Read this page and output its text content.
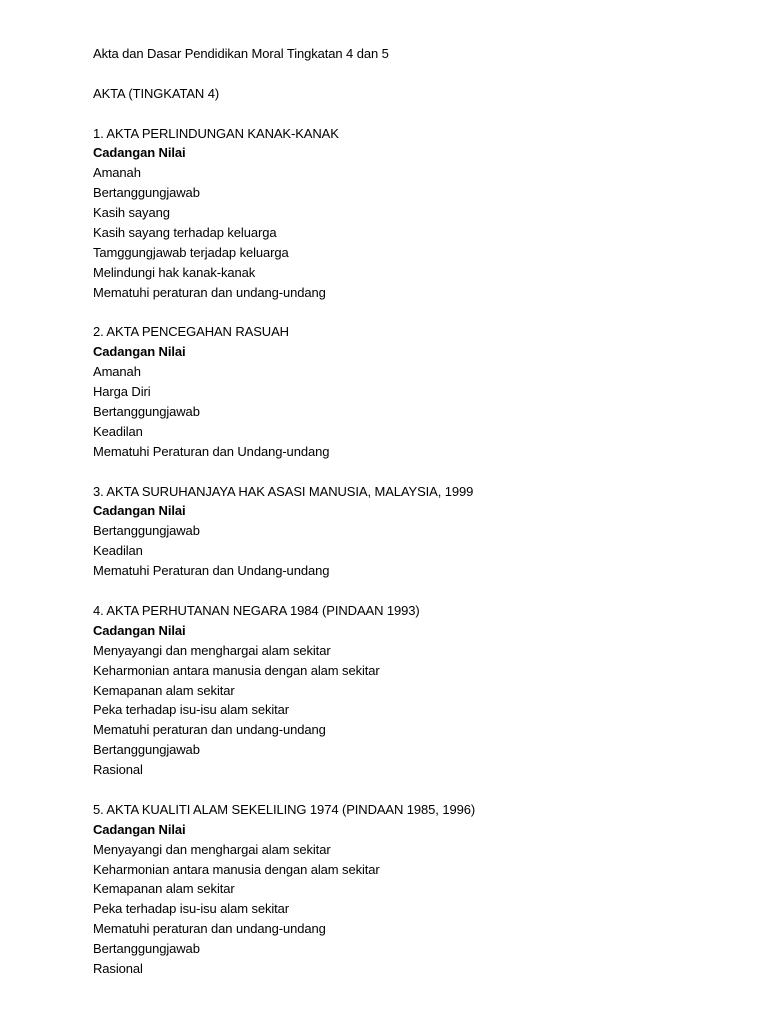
Akta dan Dasar Pendidikan Moral Tingkatan 4 dan 5
AKTA (TINGKATAN 4)
1. AKTA PERLINDUNGAN KANAK-KANAK
Cadangan Nilai
Amanah
Bertanggungjawab
Kasih sayang
Kasih sayang terhadap keluarga
Tamggungjawab terjadap keluarga
Melindungi hak kanak-kanak
Mematuhi peraturan dan undang-undang
2. AKTA PENCEGAHAN RASUAH
Cadangan Nilai
Amanah
Harga Diri
Bertanggungjawab
Keadilan
Mematuhi Peraturan dan Undang-undang
3. AKTA SURUHANJAYA HAK ASASI MANUSIA, MALAYSIA, 1999
Cadangan Nilai
Bertanggungjawab
Keadilan
Mematuhi Peraturan dan Undang-undang
4. AKTA PERHUTANAN NEGARA 1984 (PINDAAN 1993)
Cadangan Nilai
Menyayangi dan menghargai alam sekitar
Keharmonian antara manusia dengan alam sekitar
Kemapanan alam sekitar
Peka terhadap isu-isu alam sekitar
Mematuhi peraturan dan undang-undang
Bertanggungjawab
Rasional
5. AKTA KUALITI ALAM SEKELILING 1974 (PINDAAN 1985, 1996)
Cadangan Nilai
Menyayangi dan menghargai alam sekitar
Keharmonian antara manusia dengan alam sekitar
Kemapanan alam sekitar
Peka terhadap isu-isu alam sekitar
Mematuhi peraturan dan undang-undang
Bertanggungjawab
Rasional
